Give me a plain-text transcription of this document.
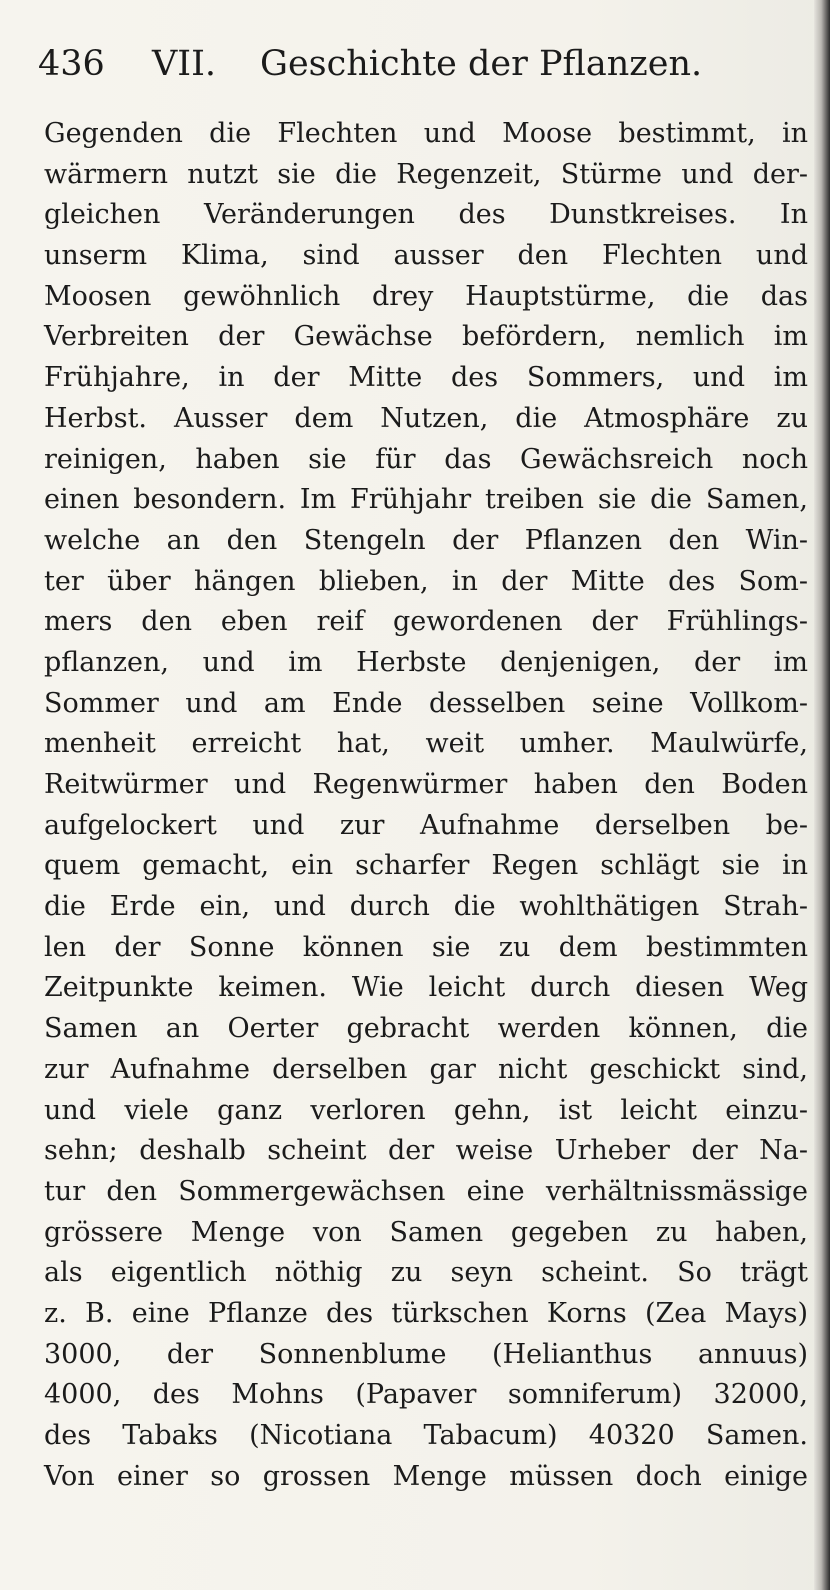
436 VII. Geschichte der Pflanzen.
Gegenden die Flechten und Moose bestimmt, in
wärmern nutzt sie die Regenzeit, Stürme und der-
gleichen Veränderungen des Dunstkreises. In
unserm Klima, sind ausser den Flechten und
Moosen gewöhnlich drey Hauptstürme, die das
Verbreiten der Gewächse befördern, nemlich im
Frühjahre, in der Mitte des Sommers, und im
Herbst. Ausser dem Nutzen, die Atmosphäre zu
reinigen, haben sie für das Gewächsreich noch
einen besondern. Im Frühjahr treiben sie die Samen,
welche an den Stengeln der Pflanzen den Win-
ter über hängen blieben, in der Mitte des Som-
mers den eben reif gewordenen der Frühlings-
pflanzen, und im Herbste denjenigen, der im
Sommer und am Ende desselben seine Vollkom-
menheit erreicht hat, weit umher. Maulwürfe,
Reitwürmer und Regenwürmer haben den Boden
aufgelockert und zur Aufnahme derselben be-
quem gemacht, ein scharfer Regen schlägt sie in
die Erde ein, und durch die wohlthätigen Strah-
len der Sonne können sie zu dem bestimmten
Zeitpunkte keimen. Wie leicht durch diesen Weg
Samen an Oerter gebracht werden können, die
zur Aufnahme derselben gar nicht geschickt sind,
und viele ganz verloren gehn, ist leicht einzu-
sehn; deshalb scheint der weise Urheber der Na-
tur den Sommergewächsen eine verhältnissmässige
grössere Menge von Samen gegeben zu haben,
als eigentlich nöthig zu seyn scheint. So trägt
z. B. eine Pflanze des türkschen Korns (Zea Mays)
3000, der Sonnenblume (Helianthus annuus)
4000, des Mohns (Papaver somniferum) 32000,
des Tabaks (Nicotiana Tabacum) 40320 Samen.
Von einer so grossen Menge müssen doch einige
